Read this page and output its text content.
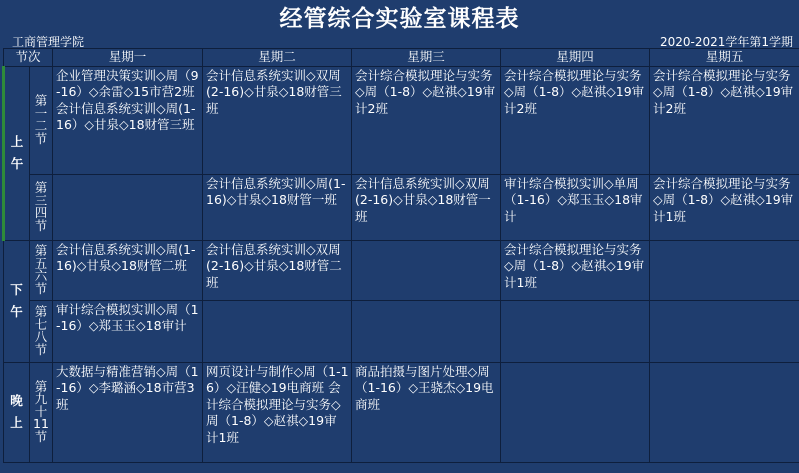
经管综合实验室课程表
工商管理学院	2020-2021学年第1学期
节次		星期一	星期二	星期三	星期四	星期五

上
午	第
一
二
节	企业管理决策实训◇周（9-16）◇余雷◇15市营2班 会计信息系统实训◇周(1-16）◇甘泉◇18财管三班	会计信息系统实训◇双周(2-16)◇甘泉◇18财管三班	会计综合模拟理论与实务◇周（1-8）◇赵祺◇19审计2班	会计综合模拟理论与实务◇周（1-8）◇赵祺◇19审计2班	会计综合模拟理论与实务◇周（1-8）◇赵祺◇19审计2班

	第
三
四
节		会计信息系统实训◇周(1-16)◇甘泉◇18财管一班	会计信息系统实训◇双周(2-16)◇甘泉◇18财管一班	审计综合模拟实训◇单周（1-16）◇郑玉玉◇18审计	会计综合模拟理论与实务◇周（1-8）◇赵祺◇19审计1班

下
午	第
五
六
节	会计信息系统实训◇周(1-16)◇甘泉◇18财管二班	会计信息系统实训◇双周(2-16)◇甘泉◇18财管二班		会计综合模拟理论与实务◇周（1-8）◇赵祺◇19审计1班	

	第
七
八
节	审计综合模拟实训◇周（1-16）◇郑玉玉◇18审计				

晚
上	第
九
十
11
节	大数据与精准营销◇周（1-16）◇李璐涵◇18市营3班	网页设计与制作◇周（1-16）◇汪健◇19电商班 会计综合模拟理论与实务◇周（1-8）◇赵祺◇19审计1班	商品拍摄与图片处理◇周（1-16）◇王骁杰◇19电商班		
